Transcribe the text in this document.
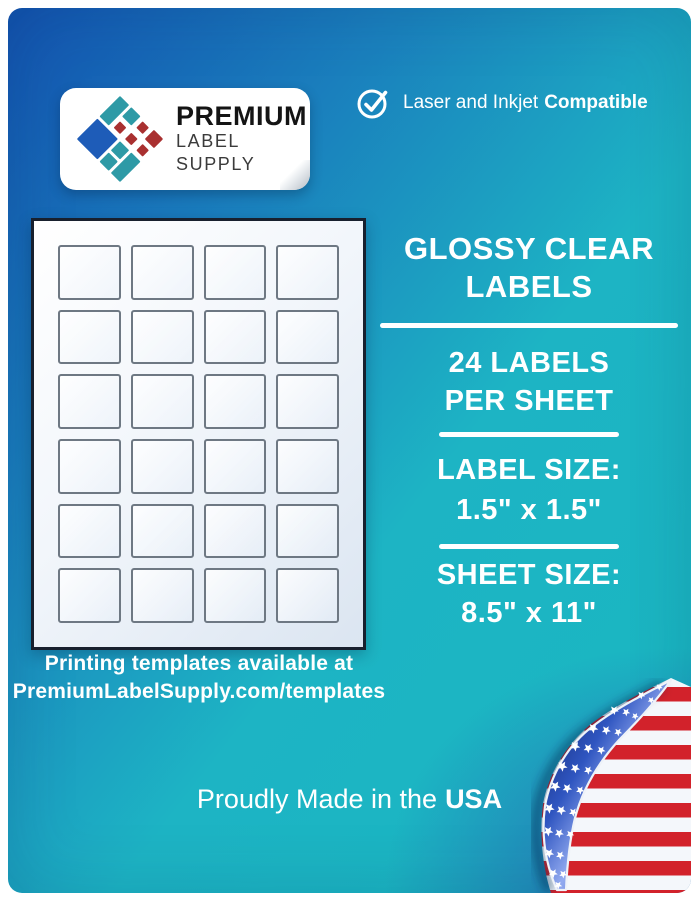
PREMIUM
LABEL SUPPLY
Laser and Inkjet Compatible
Printing templates available at
PremiumLabelSupply.com/templates
GLOSSY CLEAR
LABELS
24 LABELS
PER SHEET
LABEL SIZE:
1.5" x 1.5"
SHEET SIZE:
8.5" x 11"
Proudly Made in the USA
